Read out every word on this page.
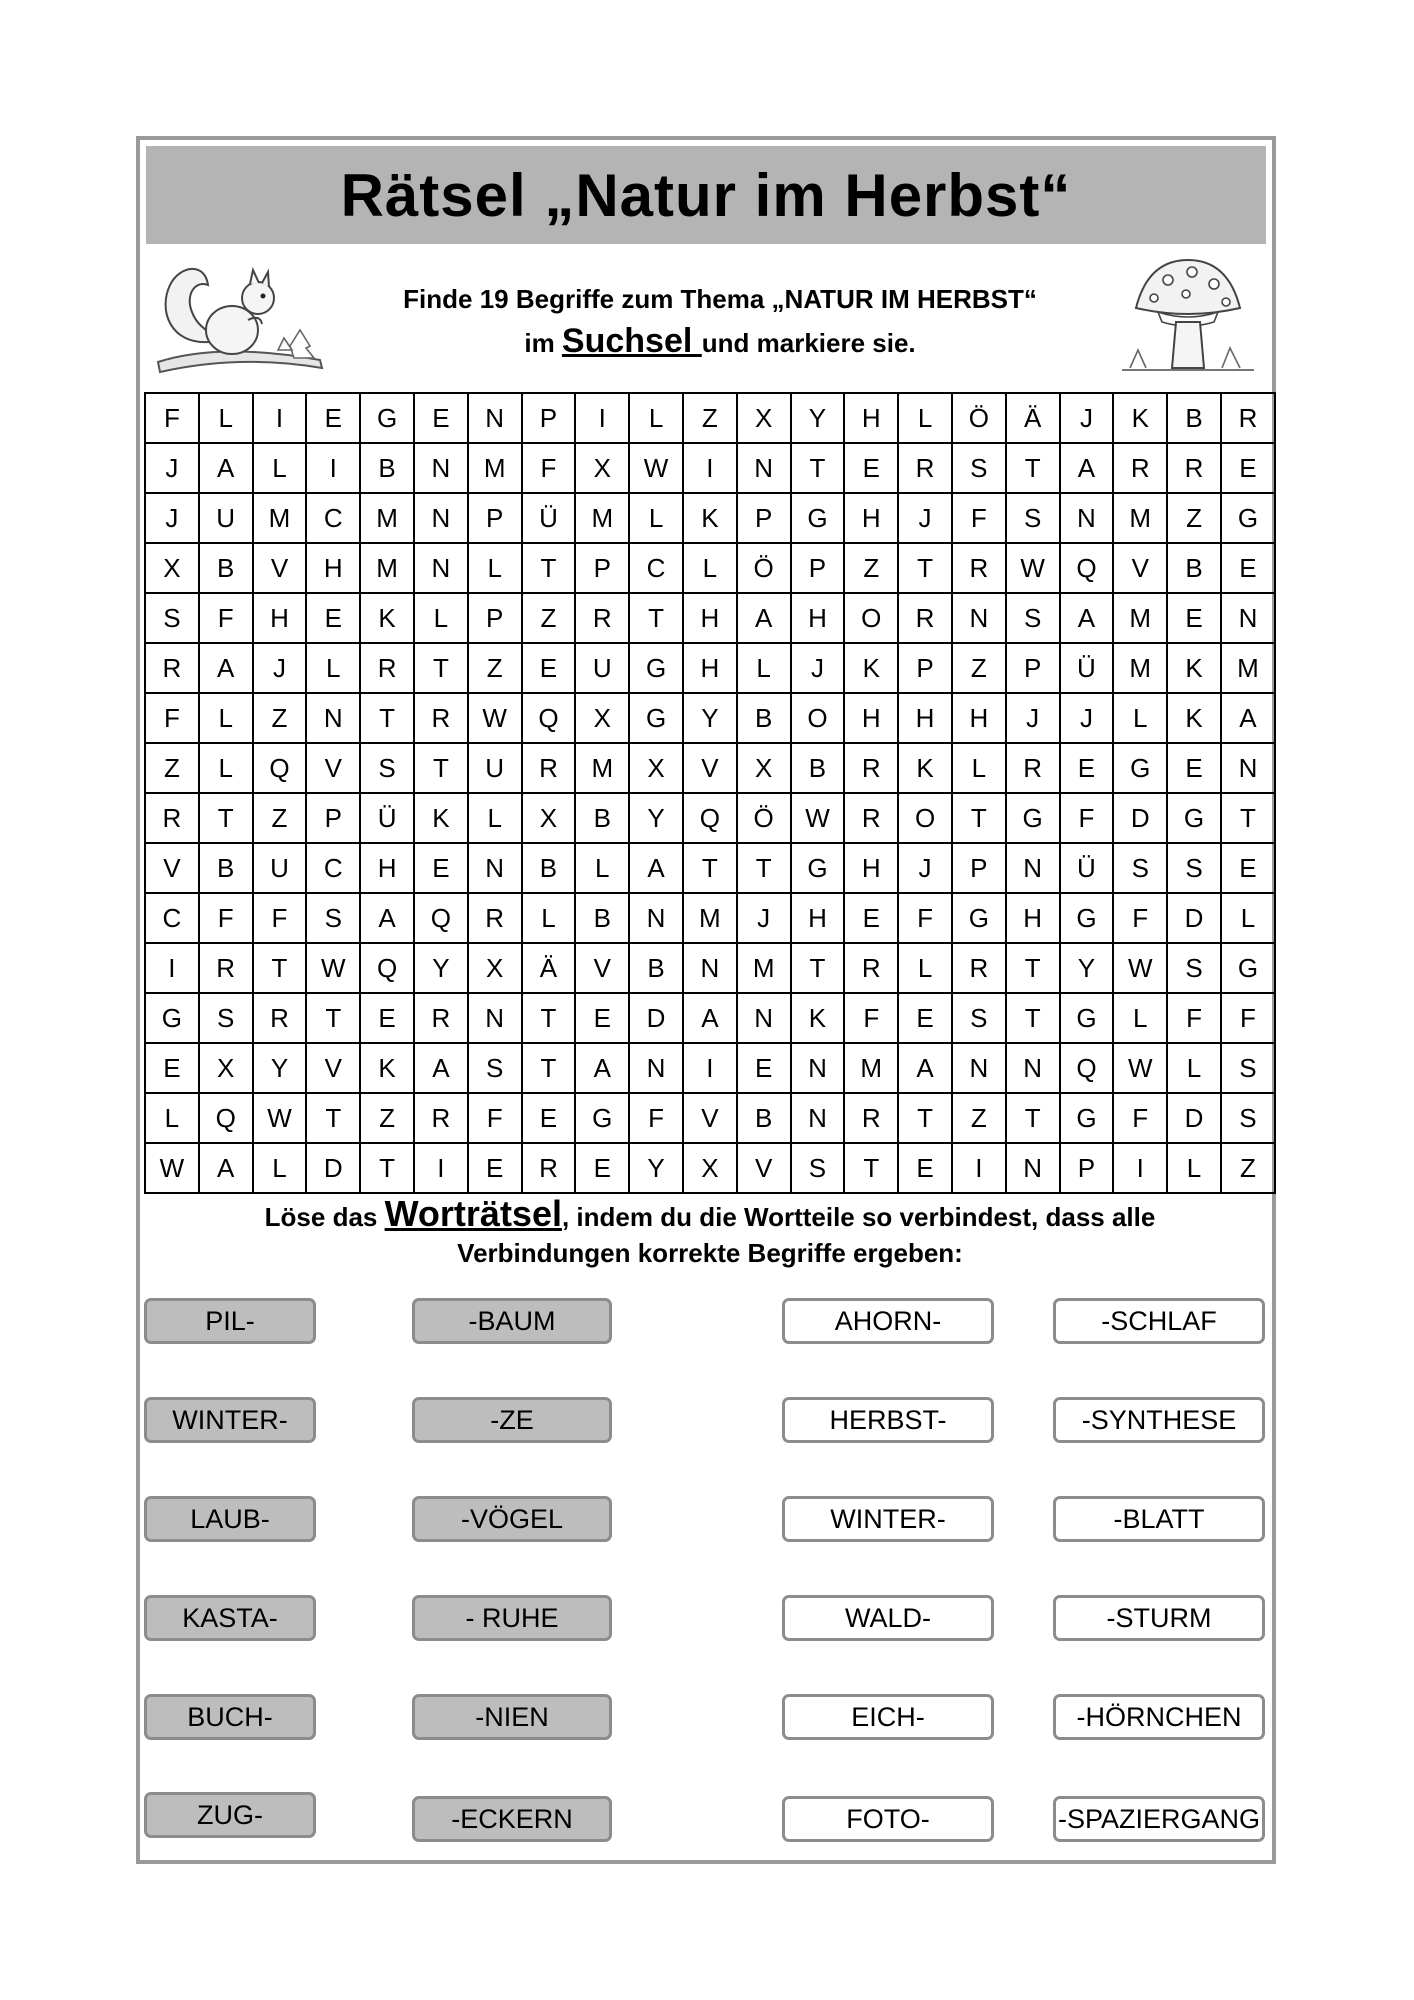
Rätsel „Natur im Herbst“
Finde 19 Begriffe zum Thema „NATUR IM HERBST“
im Suchsel und markiere sie.
F	L	I	E	G	E	N	P	I	L	Z	X	Y	H	L	Ö	Ä	J	K	B	R
J	A	L	I	B	N	M	F	X	W	I	N	T	E	R	S	T	A	R	R	E
J	U	M	C	M	N	P	Ü	M	L	K	P	G	H	J	F	S	N	M	Z	G
X	B	V	H	M	N	L	T	P	C	L	Ö	P	Z	T	R	W	Q	V	B	E
S	F	H	E	K	L	P	Z	R	T	H	A	H	O	R	N	S	A	M	E	N
R	A	J	L	R	T	Z	E	U	G	H	L	J	K	P	Z	P	Ü	M	K	M
F	L	Z	N	T	R	W	Q	X	G	Y	B	O	H	H	H	J	J	L	K	A
Z	L	Q	V	S	T	U	R	M	X	V	X	B	R	K	L	R	E	G	E	N
R	T	Z	P	Ü	K	L	X	B	Y	Q	Ö	W	R	O	T	G	F	D	G	T
V	B	U	C	H	E	N	B	L	A	T	T	G	H	J	P	N	Ü	S	S	E
C	F	F	S	A	Q	R	L	B	N	M	J	H	E	F	G	H	G	F	D	L
I	R	T	W	Q	Y	X	Ä	V	B	N	M	T	R	L	R	T	Y	W	S	G
G	S	R	T	E	R	N	T	E	D	A	N	K	F	E	S	T	G	L	F	F
E	X	Y	V	K	A	S	T	A	N	I	E	N	M	A	N	N	Q	W	L	S
L	Q	W	T	Z	R	F	E	G	F	V	B	N	R	T	Z	T	G	F	D	S
W	A	L	D	T	I	E	R	E	Y	X	V	S	T	E	I	N	P	I	L	Z
Löse das Worträtsel, indem du die Wortteile so verbindest, dass alle
Verbindungen korrekte Begriffe ergeben:
PIL-
WINTER-
LAUB-
KASTA-
BUCH-
ZUG-
-BAUM
-ZE
-VÖGEL
- RUHE
-NIEN
-ECKERN
AHORN-
HERBST-
WINTER-
WALD-
EICH-
FOTO-
-SCHLAF
-SYNTHESE
-BLATT
-STURM
-HÖRNCHEN
-SPAZIERGANG
